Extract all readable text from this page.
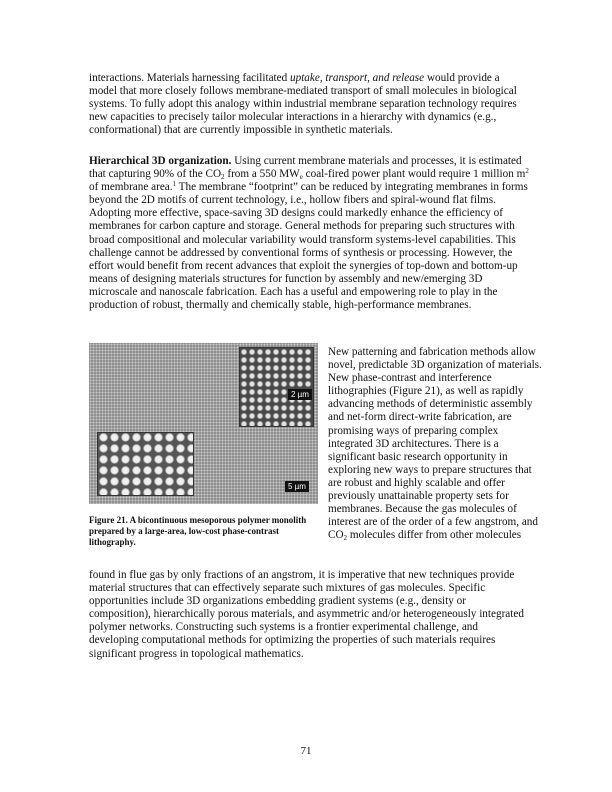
interactions. Materials harnessing facilitated uptake, transport, and release would provide a model that more closely follows membrane-mediated transport of small molecules in biological systems. To fully adopt this analogy within industrial membrane separation technology requires new capacities to precisely tailor molecular interactions in a hierarchy with dynamics (e.g., conformational) that are currently impossible in synthetic materials.

Hierarchical 3D organization. Using current membrane materials and processes, it is estimated that capturing 90% of the $CO_2$ from a 550 $MW_e$ coal-fired power plant would require 1 million $m^2$ of membrane area.$^1$ The membrane “footprint” can be reduced by integrating membranes in forms beyond the 2D motifs of current technology, i.e., hollow fibers and spiral-wound flat films. Adopting more effective, space-saving 3D designs could markedly enhance the efficiency of membranes for carbon capture and storage. General methods for preparing such structures with broad compositional and molecular variability would transform systems-level capabilities. This challenge cannot be addressed by conventional forms of synthesis or processing. However, the effort would benefit from recent advances that exploit the synergies of top-down and bottom-up means of designing materials structures for function by assembly and new/emerging 3D microscale and nanoscale fabrication. Each has a useful and empowering role to play in the production of robust, thermally and chemically stable, high-performance membranes.

2 µm
5 µm

Figure 21. A bicontinuous mesoporous polymer monolith prepared by a large-area, low-cost phase-contrast lithography.

New patterning and fabrication methods allow novel, predictable 3D organization of materials. New phase-contrast and interference lithographies (Figure 21), as well as rapidly advancing methods of deterministic assembly and net-form direct-write fabrication, are promising ways of preparing complex integrated 3D architectures. There is a significant basic research opportunity in exploring new ways to prepare structures that are robust and highly scalable and offer previously unattainable property sets for membranes. Because the gas molecules of interest are of the order of a few angstrom, and $CO_2$ molecules differ from other molecules

found in flue gas by only fractions of an angstrom, it is imperative that new techniques provide material structures that can effectively separate such mixtures of gas molecules. Specific opportunities include 3D organizations embedding gradient systems (e.g., density or composition), hierarchically porous materials, and asymmetric and/or heterogeneously integrated polymer networks. Constructing such systems is a frontier experimental challenge, and developing computational methods for optimizing the properties of such materials requires significant progress in topological mathematics.

71
